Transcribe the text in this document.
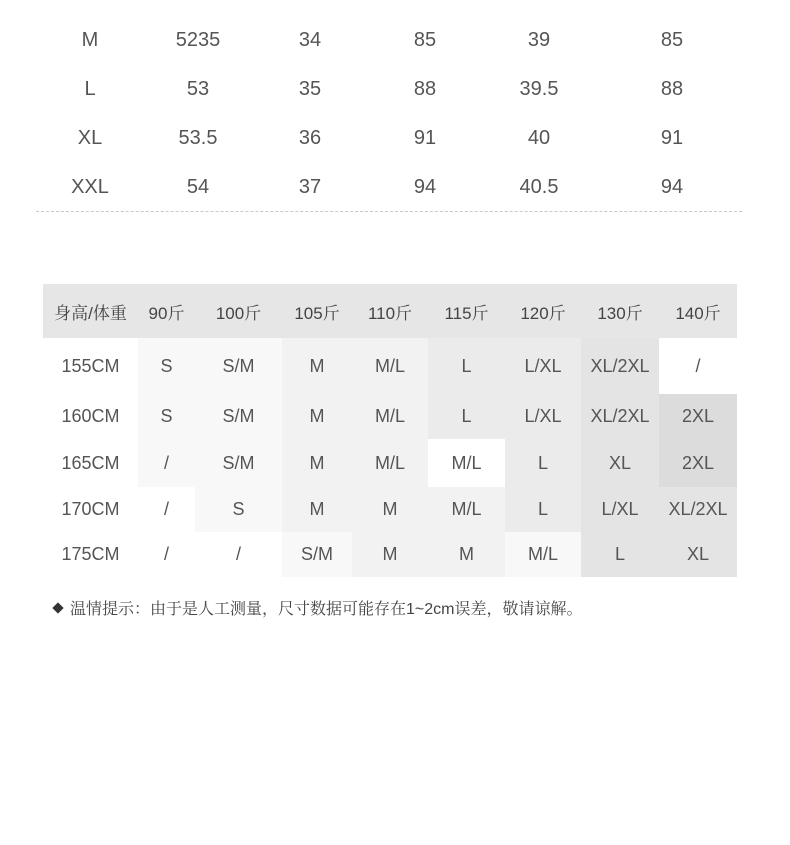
M	5235	34	85	39	85
L	53	35	88	39.5	88
XL	53.5	36	91	40	91
XXL	54	37	94	40.5	94
身高/体重	90斤	100斤	105斤	110斤	115斤	120斤	130斤	140斤
155CM	S	S/M	M	M/L	L	L/XL	XL/2XL	/
160CM	S	S/M	M	M/L	L	L/XL	XL/2XL	2XL
165CM	/	S/M	M	M/L	M/L	L	XL	2XL
170CM	/	S	M	M	M/L	L	L/XL	XL/2XL
175CM	/	/	S/M	M	M	M/L	L	XL
温情提示：由于是人工测量，尺寸数据可能存在1~2cm误差，敬请谅解。
